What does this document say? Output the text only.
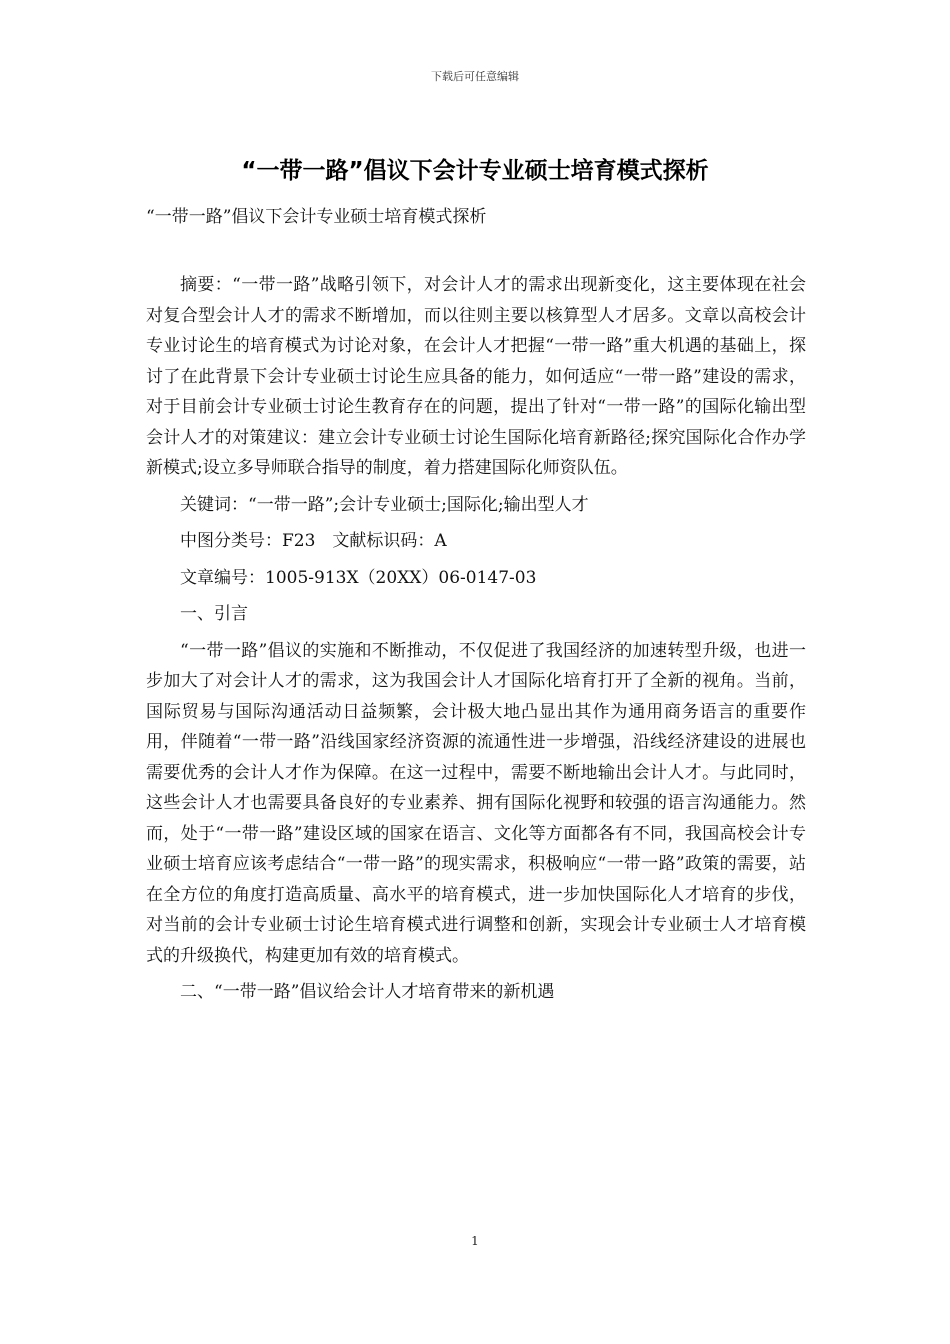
下载后可任意编辑
“一带一路”倡议下会计专业硕士培育模式探析

“一带一路”倡议下会计专业硕士培育模式探析

摘要：“一带一路”战略引领下，对会计人才的需求出现新变化，这主要体现在社会对复合型会计人才的需求不断增加，而以往则主要以核算型人才居多。文章以高校会计专业讨论生的培育模式为讨论对象，在会计人才把握“一带一路”重大机遇的基础上，探讨了在此背景下会计专业硕士讨论生应具备的能力，如何适应“一带一路”建设的需求，对于目前会计专业硕士讨论生教育存在的问题，提出了针对“一带一路”的国际化输出型会计人才的对策建议：建立会计专业硕士讨论生国际化培育新路径;探究国际化合作办学新模式;设立多导师联合指导的制度，着力搭建国际化师资队伍。

关键词：“一带一路”;会计专业硕士;国际化;输出型人才

中图分类号：F23　文献标识码：A

文章编号：1005-913X（20XX）06-0147-03

一、引言

“一带一路”倡议的实施和不断推动，不仅促进了我国经济的加速转型升级，也进一步加大了对会计人才的需求，这为我国会计人才国际化培育打开了全新的视角。当前，国际贸易与国际沟通活动日益频繁，会计极大地凸显出其作为通用商务语言的重要作用，伴随着“一带一路”沿线国家经济资源的流通性进一步增强，沿线经济建设的进展也需要优秀的会计人才作为保障。在这一过程中，需要不断地输出会计人才。与此同时，这些会计人才也需要具备良好的专业素养、拥有国际化视野和较强的语言沟通能力。然而，处于“一带一路”建设区域的国家在语言、文化等方面都各有不同，我国高校会计专业硕士培育应该考虑结合“一带一路”的现实需求，积极响应“一带一路”政策的需要，站在全方位的角度打造高质量、高水平的培育模式，进一步加快国际化人才培育的步伐，对当前的会计专业硕士讨论生培育模式进行调整和创新，实现会计专业硕士人才培育模式的升级换代，构建更加有效的培育模式。

二、“一带一路”倡议给会计人才培育带来的新机遇

1
